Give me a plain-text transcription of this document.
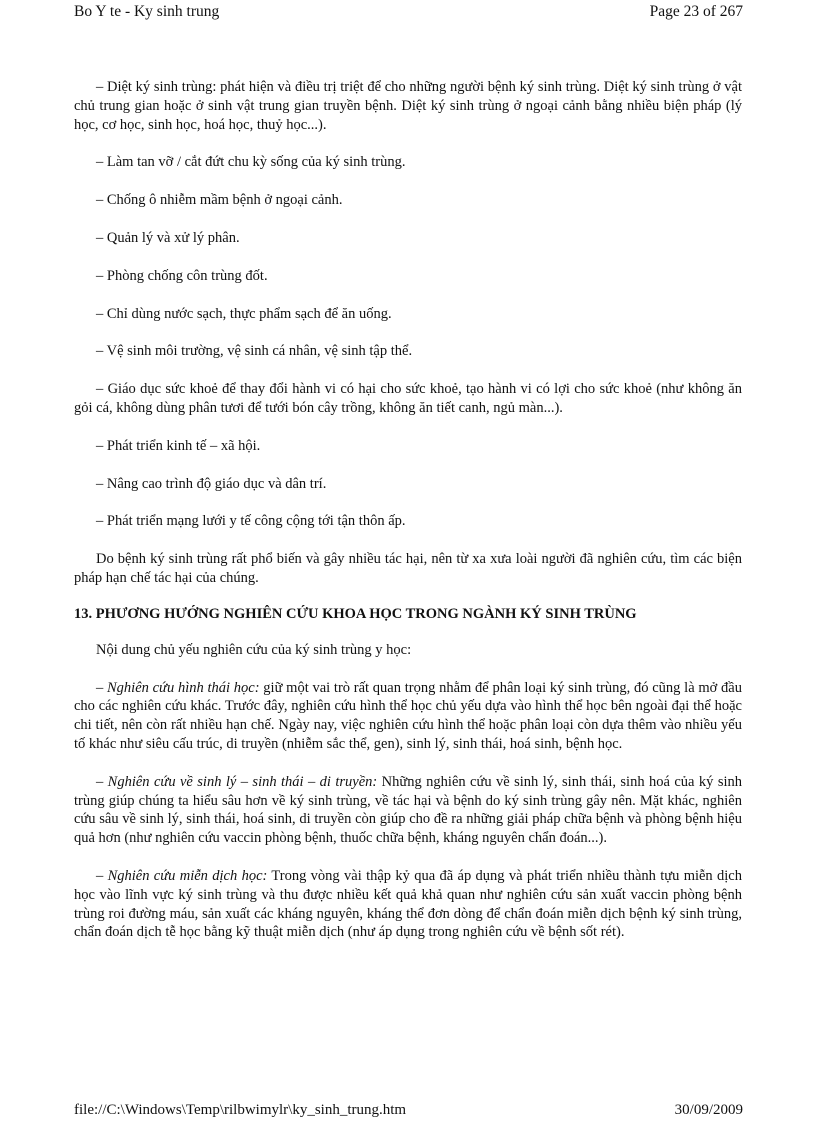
Bo Y te - Ky sinh trung	Page 23 of 267

– Diệt ký sinh trùng: phát hiện và điều trị triệt để cho những người bệnh ký sinh trùng. Diệt ký sinh trùng ở vật chủ trung gian hoặc ở sinh vật trung gian truyền bệnh. Diệt ký sinh trùng ở ngoại cảnh bằng nhiều biện pháp (lý học, cơ học, sinh học, hoá học, thuỷ học...).

– Làm tan vỡ / cắt đứt chu kỳ sống của ký sinh trùng.

– Chống ô nhiễm mầm bệnh ở ngoại cảnh.

– Quản lý và xử lý phân.

– Phòng chống côn trùng đốt.

– Chỉ dùng nước sạch, thực phẩm sạch để ăn uống.

– Vệ sinh môi trường, vệ sinh cá nhân, vệ sinh tập thể.

– Giáo dục sức khoẻ để thay đổi hành vi có hại cho sức khoẻ, tạo hành vi có lợi cho sức khoẻ (như không ăn gỏi cá, không dùng phân tươi để tưới bón cây trồng, không ăn tiết canh, ngủ màn...).

– Phát triển kinh tế – xã hội.

– Nâng cao trình độ giáo dục và dân trí.

– Phát triển mạng lưới y tế công cộng tới tận thôn ấp.

Do bệnh ký sinh trùng rất phổ biến và gây nhiều tác hại, nên từ xa xưa loài người đã nghiên cứu, tìm các biện pháp hạn chế tác hại của chúng.

13. PHƯƠNG HƯỚNG NGHIÊN CỨU KHOA HỌC TRONG NGÀNH KÝ SINH TRÙNG

Nội dung chủ yếu nghiên cứu của ký sinh trùng y học:

– Nghiên cứu hình thái học: giữ một vai trò rất quan trọng nhằm để phân loại ký sinh trùng, đó cũng là mở đầu cho các nghiên cứu khác. Trước đây, nghiên cứu hình thể học chủ yếu dựa vào hình thể học bên ngoài đại thể hoặc chi tiết, nên còn rất nhiều hạn chế. Ngày nay, việc nghiên cứu hình thể hoặc phân loại còn dựa thêm vào nhiều yếu tố khác như siêu cấu trúc, di truyền (nhiễm sắc thể, gen), sinh lý, sinh thái, hoá sinh, bệnh học.

– Nghiên cứu về sinh lý – sinh thái – di truyền: Những nghiên cứu về sinh lý, sinh thái, sinh hoá của ký sinh trùng giúp chúng ta hiểu sâu hơn về ký sinh trùng, về tác hại và bệnh do ký sinh trùng gây nên. Mặt khác, nghiên cứu sâu về sinh lý, sinh thái, hoá sinh, di truyền còn giúp cho đề ra những giải pháp chữa bệnh và phòng bệnh hiệu quả hơn (như nghiên cứu vaccin phòng bệnh, thuốc chữa bệnh, kháng nguyên chẩn đoán...).

– Nghiên cứu miễn dịch học: Trong vòng vài thập kỷ qua đã áp dụng và phát triển nhiều thành tựu miễn dịch học vào lĩnh vực ký sinh trùng và thu được nhiều kết quả khả quan như nghiên cứu sản xuất vaccin phòng bệnh trùng roi đường máu, sản xuất các kháng nguyên, kháng thể đơn dòng để chẩn đoán miễn dịch bệnh ký sinh trùng, chẩn đoán dịch tễ học bằng kỹ thuật miễn dịch (như áp dụng trong nghiên cứu về bệnh sốt rét).

file://C:\Windows\Temp\rilbwimylr\ky_sinh_trung.htm	30/09/2009
